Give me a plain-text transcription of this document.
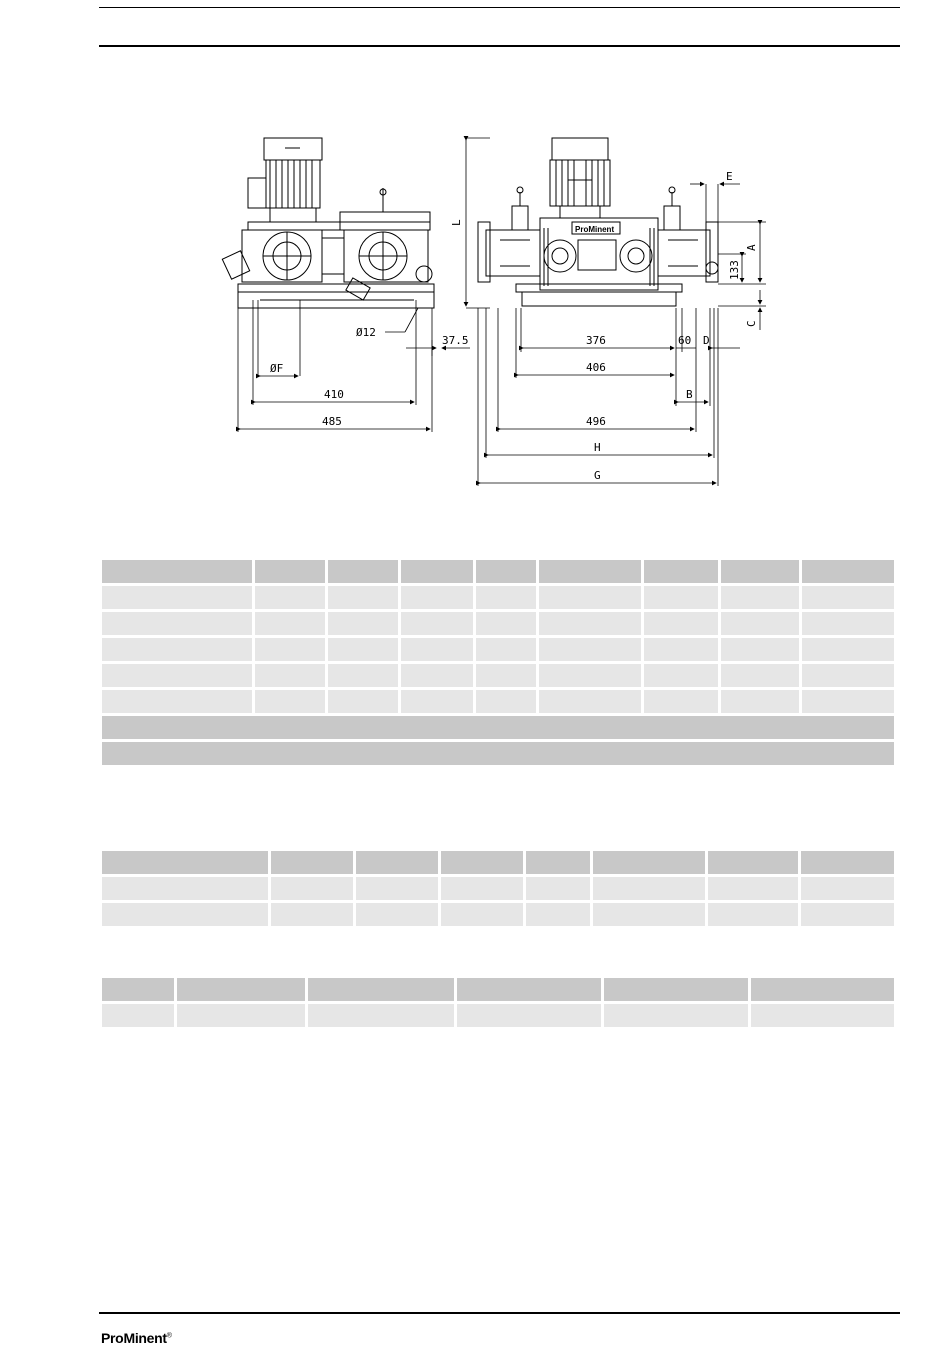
Ø12
ØF
410
485
37.5	376	60 D
406
B
496
H
G
E
A
133
C
L
ProMinent

ProMinent®
